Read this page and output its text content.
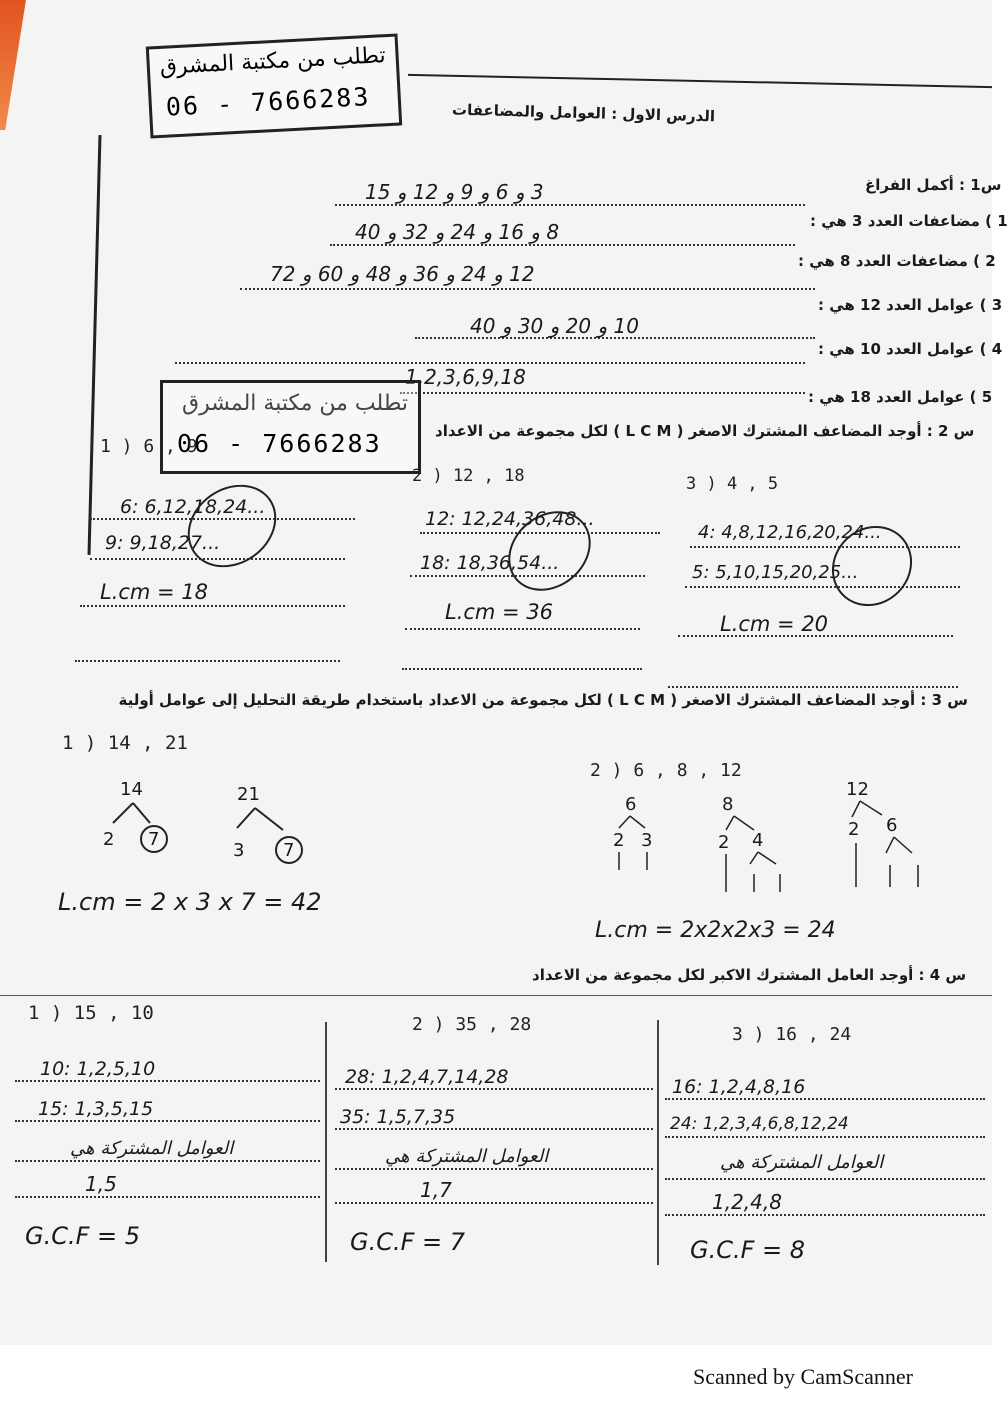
تطلب من مكتبة المشرق
06 - 7666283	الدرس الاول : العوامل والمضاعفات
س1 : أكمل الفراغ
1 ) مضاعفات العدد 3 هي :
3 و 6 و 9 و 12 و 15
2 ) مضاعفات العدد 8 هي :
8 و 16 و 24 و 32 و 40
3 ) عوامل العدد 12 هي :
12 و 24 و 36 و 48 و 60 و 72
4 ) عوامل العدد 10 هي :
10 و 20 و 30 و 40
5 ) عوامل العدد 18 هي :
1,2,3,6,9,18
تطلب من مكتبة المشرق
06 - 7666283	س 2 : أوجد المضاعف المشترك الاصغر ( L C M ) لكل مجموعة من الاعداد
1 ) 6 , 9
2 ) 12 , 18	3 ) 4 , 5
6: 6,12,18,24...
9: 9,18,27...
L.cm = 18
12: 12,24,36,48...
18: 18,36,54...
L.cm = 36
4: 4,8,12,16,20,24...
5: 5,10,15,20,25...
L.cm = 20
س 3 : أوجد المضاعف المشترك الاصغر ( L C M ) لكل مجموعة من الاعداد باستخدام طريقة التحليل إلى عوامل أولية
1 ) 14 , 21
2 ) 6 , 8 , 12
14
2 7
21
3 7
L.cm = 2 x 3 x 7 = 42
6
2 3
8
2 4
12
2 6
L.cm = 2x2x2x3 = 24
س 4 : أوجد العامل المشترك الاكبر لكل مجموعة من الاعداد
1 ) 15 , 10
2 ) 35 , 28	3 ) 16 , 24
10: 1,2,5,10
15: 1,3,5,15
العوامل المشتركة هي
1,5
G.C.F = 5
28: 1,2,4,7,14,28
35: 1,5,7,35
العوامل المشتركة هي
1,7
G.C.F = 7
16: 1,2,4,8,16
24: 1,2,3,4,6,8,12,24
العوامل المشتركة هي
1,2,4,8
G.C.F = 8
Scanned by CamScanner
